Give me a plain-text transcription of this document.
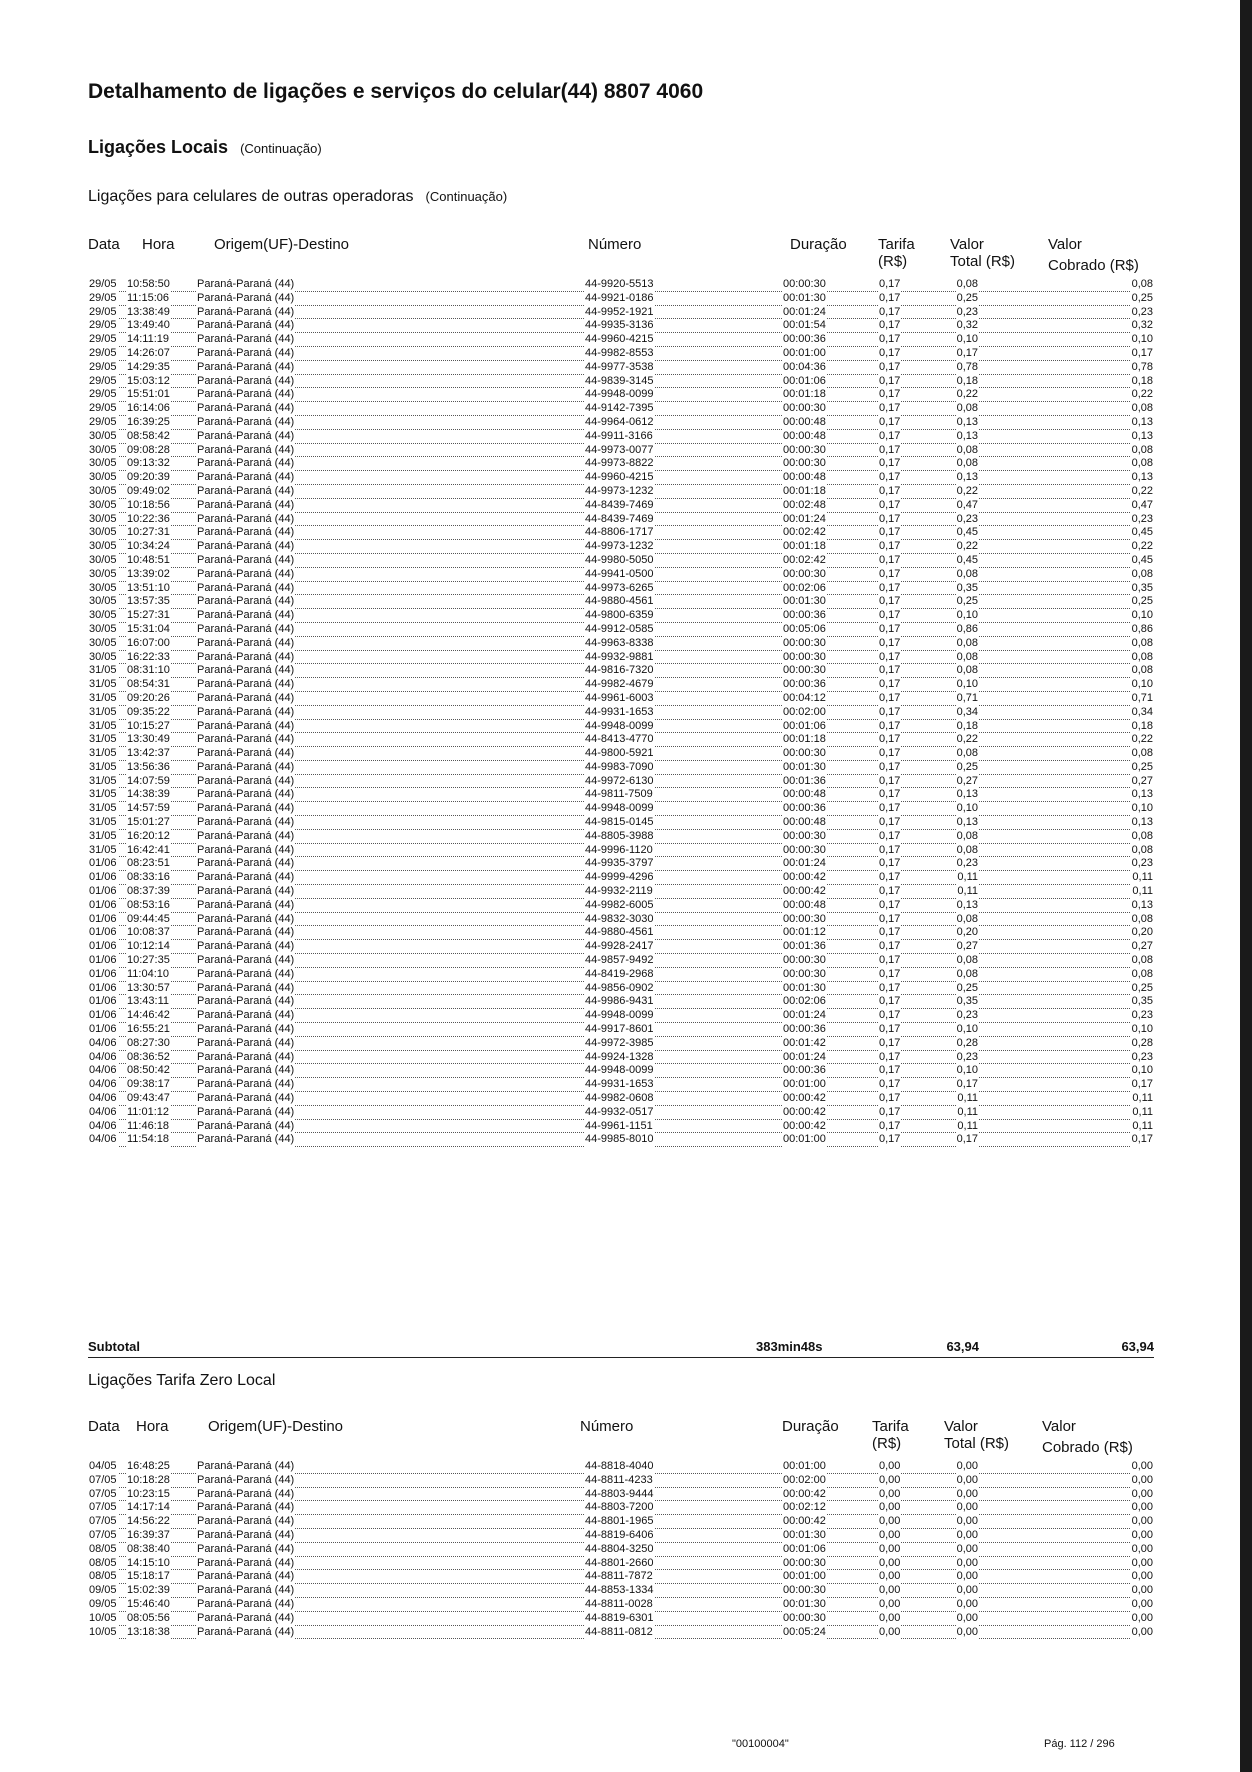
Detalhamento de ligações e serviços do celular(44) 8807 4060
Ligações Locais (Continuação)
Ligações para celulares de outras operadoras (Continuação)
Data Hora	Origem(UF)-Destino	Número	Duração Tarifa
(R$)
Valor
Total (R$)
Valor
Cobrado (R$)
29/05 10:58:50 Paraná-Paraná (44)	44-9920-5513	00:00:30	0,17	0,08	0,08
29/05 11:15:06	Paraná-Paraná (44)	44-9921-0186	00:01:30	0,17	0,25	0,25
29/05 13:38:49 Paraná-Paraná (44)	44-9952-1921	00:01:24	0,17	0,23	0,23
29/05 13:49:40 Paraná-Paraná (44)	44-9935-3136	00:01:54	0,17	0,32	0,32
29/05 14:11:19	Paraná-Paraná (44)	44-9960-4215	00:00:36	0,17	0,10	0,10
29/05 14:26:07 Paraná-Paraná (44)	44-9982-8553	00:01:00	0,17	0,17	0,17
29/05 14:29:35 Paraná-Paraná (44)	44-9977-3538	00:04:36	0,17	0,78	0,78
29/05 15:03:12 Paraná-Paraná (44)	44-9839-3145	00:01:06	0,17	0,18	0,18
29/05 15:51:01 Paraná-Paraná (44)	44-9948-0099	00:01:18	0,17	0,22	0,22
29/05 16:14:06 Paraná-Paraná (44)	44-9142-7395	00:00:30	0,17	0,08	0,08
29/05 16:39:25 Paraná-Paraná (44)	44-9964-0612	00:00:48	0,17	0,13	0,13
30/05 08:58:42 Paraná-Paraná (44)	44-9911-3166	00:00:48	0,17	0,13	0,13
30/05 09:08:28 Paraná-Paraná (44)	44-9973-0077	00:00:30	0,17	0,08	0,08
30/05 09:13:32 Paraná-Paraná (44)	44-9973-8822	00:00:30	0,17	0,08	0,08
30/05 09:20:39 Paraná-Paraná (44)	44-9960-4215	00:00:48	0,17	0,13	0,13
30/05 09:49:02 Paraná-Paraná (44)	44-9973-1232	00:01:18	0,17	0,22	0,22
30/05 10:18:56 Paraná-Paraná (44)	44-8439-7469	00:02:48	0,17	0,47	0,47
30/05 10:22:36 Paraná-Paraná (44)	44-8439-7469	00:01:24	0,17	0,23	0,23
30/05 10:27:31 Paraná-Paraná (44)	44-8806-1717	00:02:42	0,17	0,45	0,45
30/05 10:34:24 Paraná-Paraná (44)	44-9973-1232	00:01:18	0,17	0,22	0,22
30/05 10:48:51 Paraná-Paraná (44)	44-9980-5050	00:02:42	0,17	0,45	0,45
30/05 13:39:02 Paraná-Paraná (44)	44-9941-0500	00:00:30	0,17	0,08	0,08
30/05 13:51:10 Paraná-Paraná (44)	44-9973-6265	00:02:06	0,17	0,35	0,35
30/05 13:57:35 Paraná-Paraná (44)	44-9880-4561	00:01:30	0,17	0,25	0,25
30/05 15:27:31 Paraná-Paraná (44)	44-9800-6359	00:00:36	0,17	0,10	0,10
30/05 15:31:04 Paraná-Paraná (44)	44-9912-0585	00:05:06	0,17	0,86	0,86
30/05 16:07:00 Paraná-Paraná (44)	44-9963-8338	00:00:30	0,17	0,08	0,08
30/05 16:22:33 Paraná-Paraná (44)	44-9932-9881	00:00:30	0,17	0,08	0,08
31/05 08:31:10 Paraná-Paraná (44)	44-9816-7320	00:00:30	0,17	0,08	0,08
31/05 08:54:31 Paraná-Paraná (44)	44-9982-4679	00:00:36	0,17	0,10	0,10
31/05 09:20:26 Paraná-Paraná (44)	44-9961-6003	00:04:12	0,17	0,71	0,71
31/05 09:35:22 Paraná-Paraná (44)	44-9931-1653	00:02:00	0,17	0,34	0,34
31/05 10:15:27 Paraná-Paraná (44)	44-9948-0099	00:01:06	0,17	0,18	0,18
31/05 13:30:49 Paraná-Paraná (44)	44-8413-4770	00:01:18	0,17	0,22	0,22
31/05 13:42:37 Paraná-Paraná (44)	44-9800-5921	00:00:30	0,17	0,08	0,08
31/05 13:56:36 Paraná-Paraná (44)	44-9983-7090	00:01:30	0,17	0,25	0,25
31/05 14:07:59 Paraná-Paraná (44)	44-9972-6130	00:01:36	0,17	0,27	0,27
31/05 14:38:39 Paraná-Paraná (44)	44-9811-7509	00:00:48	0,17	0,13	0,13
31/05 14:57:59 Paraná-Paraná (44)	44-9948-0099	00:00:36	0,17	0,10	0,10
31/05 15:01:27 Paraná-Paraná (44)	44-9815-0145	00:00:48	0,17	0,13	0,13
31/05 16:20:12 Paraná-Paraná (44)	44-8805-3988	00:00:30	0,17	0,08	0,08
31/05 16:42:41 Paraná-Paraná (44)	44-9996-1120	00:00:30	0,17	0,08	0,08
01/06 08:23:51 Paraná-Paraná (44)	44-9935-3797	00:01:24	0,17	0,23	0,23
01/06 08:33:16 Paraná-Paraná (44)	44-9999-4296	00:00:42	0,17	0,11	0,11
01/06 08:37:39 Paraná-Paraná (44)	44-9932-2119	00:00:42	0,17	0,11	0,11
01/06 08:53:16 Paraná-Paraná (44)	44-9982-6005	00:00:48	0,17	0,13	0,13
01/06 09:44:45 Paraná-Paraná (44)	44-9832-3030	00:00:30	0,17	0,08	0,08
01/06 10:08:37 Paraná-Paraná (44)	44-9880-4561	00:01:12	0,17	0,20	0,20
01/06 10:12:14 Paraná-Paraná (44)	44-9928-2417	00:01:36	0,17	0,27	0,27
01/06 10:27:35 Paraná-Paraná (44)	44-9857-9492	00:00:30	0,17	0,08	0,08
01/06 11:04:10	Paraná-Paraná (44)	44-8419-2968	00:00:30	0,17	0,08	0,08
01/06 13:30:57 Paraná-Paraná (44)	44-9856-0902	00:01:30	0,17	0,25	0,25
01/06 13:43:11	Paraná-Paraná (44)	44-9986-9431	00:02:06	0,17	0,35	0,35
01/06 14:46:42 Paraná-Paraná (44)	44-9948-0099	00:01:24	0,17	0,23	0,23
01/06 16:55:21 Paraná-Paraná (44)	44-9917-8601	00:00:36	0,17	0,10	0,10
04/06 08:27:30 Paraná-Paraná (44)	44-9972-3985	00:01:42	0,17	0,28	0,28
04/06 08:36:52 Paraná-Paraná (44)	44-9924-1328	00:01:24	0,17	0,23	0,23
04/06 08:50:42 Paraná-Paraná (44)	44-9948-0099	00:00:36	0,17	0,10	0,10
04/06 09:38:17 Paraná-Paraná (44)	44-9931-1653	00:01:00	0,17	0,17	0,17
04/06 09:43:47 Paraná-Paraná (44)	44-9982-0608	00:00:42	0,17	0,11	0,11
04/06 11:01:12	Paraná-Paraná (44)	44-9932-0517	00:00:42	0,17	0,11	0,11
04/06 11:46:18	Paraná-Paraná (44)	44-9961-1151	00:00:42	0,17	0,11	0,11
04/06 11:54:18	Paraná-Paraná (44)	44-9985-8010	00:01:00	0,17	0,17	0,17
Subtotal	383min48s	63,94	63,94
Ligações Tarifa Zero Local
Data Hora	Origem(UF)-Destino	Número	Duração Tarifa
(R$)
Valor
Total (R$)
Valor
Cobrado (R$)
04/05 16:48:25 Paraná-Paraná (44)	44-8818-4040	00:01:00	0,00	0,00	0,00
07/05 10:18:28 Paraná-Paraná (44)	44-8811-4233	00:02:00	0,00	0,00	0,00
07/05 10:23:15 Paraná-Paraná (44)	44-8803-9444	00:00:42	0,00	0,00	0,00
07/05 14:17:14 Paraná-Paraná (44)	44-8803-7200	00:02:12	0,00	0,00	0,00
07/05 14:56:22 Paraná-Paraná (44)	44-8801-1965	00:00:42	0,00	0,00	0,00
07/05 16:39:37 Paraná-Paraná (44)	44-8819-6406	00:01:30	0,00	0,00	0,00
08/05 08:38:40 Paraná-Paraná (44)	44-8804-3250	00:01:06	0,00	0,00	0,00
08/05 14:15:10 Paraná-Paraná (44)	44-8801-2660	00:00:30	0,00	0,00	0,00
08/05 15:18:17 Paraná-Paraná (44)	44-8811-7872	00:01:00	0,00	0,00	0,00
09/05 15:02:39 Paraná-Paraná (44)	44-8853-1334	00:00:30	0,00	0,00	0,00
09/05 15:46:40 Paraná-Paraná (44)	44-8811-0028	00:01:30	0,00	0,00	0,00
10/05 08:05:56 Paraná-Paraná (44)	44-8819-6301	00:00:30	0,00	0,00	0,00
10/05 13:18:38 Paraná-Paraná (44)	44-8811-0812	00:05:24	0,00	0,00	0,00
"00100004"	Pág. 112 / 296
